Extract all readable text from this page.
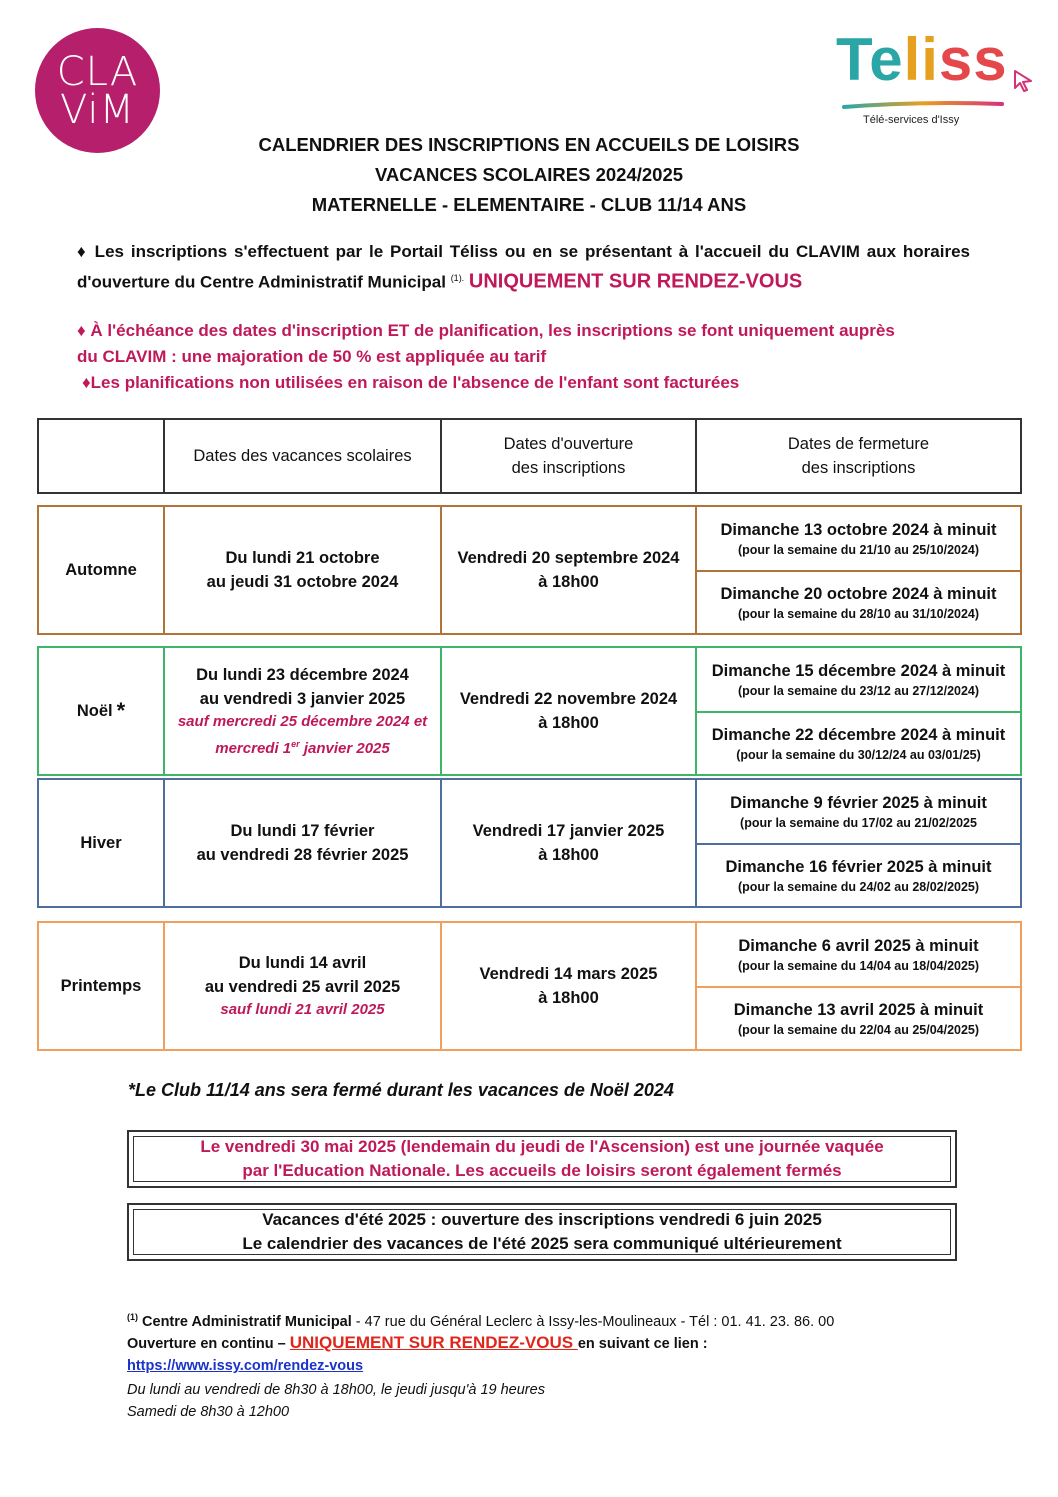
CLA
ViM
Teliss
Télé-services d'Issy
CALENDRIER DES INSCRIPTIONS EN ACCUEILS DE LOISIRS
VACANCES SCOLAIRES 2024/2025
MATERNELLE - ELEMENTAIRE - CLUB 11/14 ANS
♦ Les inscriptions s'effectuent par le Portail Téliss ou en se présentant à l'accueil du CLAVIM aux horaires d'ouverture du Centre Administratif Municipal $^{(1).}$ UNIQUEMENT SUR RENDEZ-VOUS
♦ À l'échéance des dates d'inscription ET de planification, les inscriptions se font uniquement auprès
du CLAVIM : une majoration de 50 % est appliquée au tarif
♦Les planifications non utilisées en raison de l'absence de l'enfant sont facturées
Dates des vacances scolaires
Dates d'ouverture
des inscriptions
Dates de fermeture
des inscriptions
Automne
Du lundi 21 octobre
au jeudi 31 octobre 2024
Vendredi 20 septembre 2024
à 18h00
Dimanche 13 octobre 2024 à minuit
(pour la semaine du 21/10 au 25/10/2024)
Dimanche 20 octobre 2024 à minuit
(pour la semaine du 28/10 au 31/10/2024)
Noël *
Du lundi 23 décembre 2024
au vendredi 3 janvier 2025
sauf mercredi 25 décembre 2024 et
mercredi 1er janvier 2025
Vendredi 22 novembre 2024
à 18h00
Dimanche 15 décembre 2024 à minuit
(pour la semaine du 23/12 au 27/12/2024)
Dimanche 22 décembre 2024 à minuit
(pour la semaine du 30/12/24 au 03/01/25)
Hiver
Du lundi 17 février
au vendredi 28 février 2025
Vendredi 17 janvier 2025
à 18h00
Dimanche 9 février 2025 à minuit
(pour la semaine du 17/02 au 21/02/2025
Dimanche 16 février 2025 à minuit
(pour la semaine du 24/02 au 28/02/2025)
Printemps
Du lundi 14 avril
au vendredi 25 avril 2025
sauf lundi 21 avril 2025
Vendredi 14 mars 2025
à 18h00
Dimanche 6 avril 2025 à minuit
(pour la semaine du 14/04 au 18/04/2025)
Dimanche 13 avril 2025 à minuit
(pour la semaine du 22/04 au 25/04/2025)
*Le Club 11/14 ans sera fermé durant les vacances de Noël 2024
Le vendredi 30 mai 2025 (lendemain du jeudi de l'Ascension) est une journée vaquée
par l'Education Nationale. Les accueils de loisirs seront également fermés
Vacances d'été 2025 : ouverture des inscriptions vendredi 6 juin 2025
Le calendrier des vacances de l'été 2025 sera communiqué ultérieurement
$^{(1)}$ Centre Administratif Municipal - 47 rue du Général Leclerc à Issy-les-Moulineaux - Tél : 01. 41. 23. 86. 00
Ouverture en continu – UNIQUEMENT SUR RENDEZ-VOUS en suivant ce lien :
https://www.issy.com/rendez-vous
Du lundi au vendredi de 8h30 à 18h00, le jeudi jusqu'à 19 heures
Samedi de 8h30 à 12h00
